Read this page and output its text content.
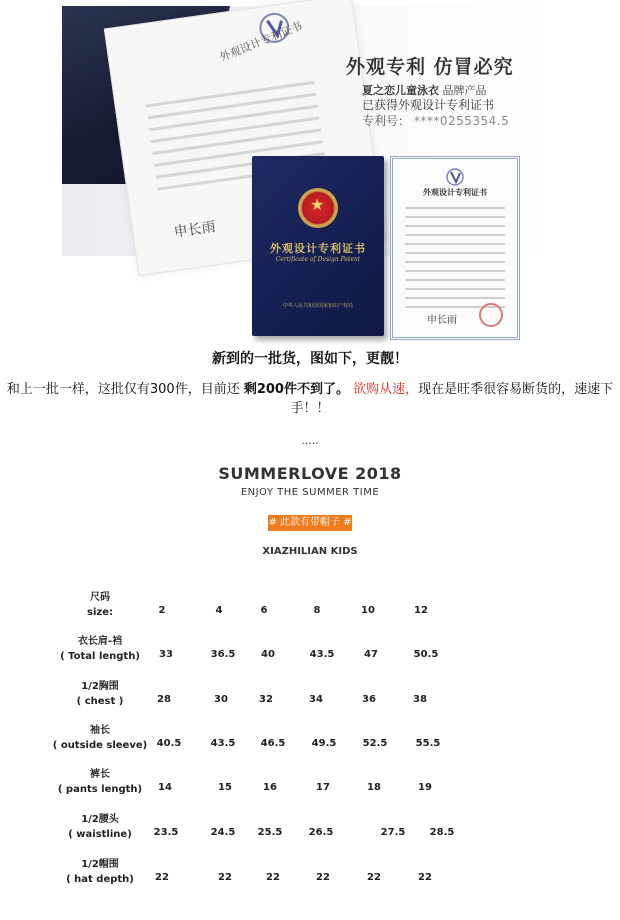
外观设计专利证书
申长雨
外观专利 仿冒必究
夏之恋儿童泳衣 品牌产品
已获得外观设计专利证书
专利号： ****0255354.5
★
外观设计专利证书
Certificate of Design Patent
中华人民共和国国家知识产权局
外观设计专利证书
申长雨
新到的一批货，图如下，更靓！
和上一批一样，这批仅有300件，目前还 剩200件不到了。 欲购从速，现在是旺季很容易断货的，速速下手！！
.....
SUMMERLOVE 2018
ENJOY THE SUMMER TIME
# 此款有带帽子 #
XIAZHILIAN KIDS
尺码
size:	2	4	6	8	10	12
衣长肩-裆
( Total length)	33	36.5	40	43.5	47	50.5
1/2胸围
( chest )	28	30	32	34	36	38
袖长
( outside sleeve) 40.5	43.5	46.5	49.5	52.5	55.5
裤长
( pants length)	14	15	16	17	18	19
1/2腰头
( waistline)	23.5	24.5	25.5	26.5	27.5	28.5
1/2帽围
( hat depth)	22	22	22	22	22	22
